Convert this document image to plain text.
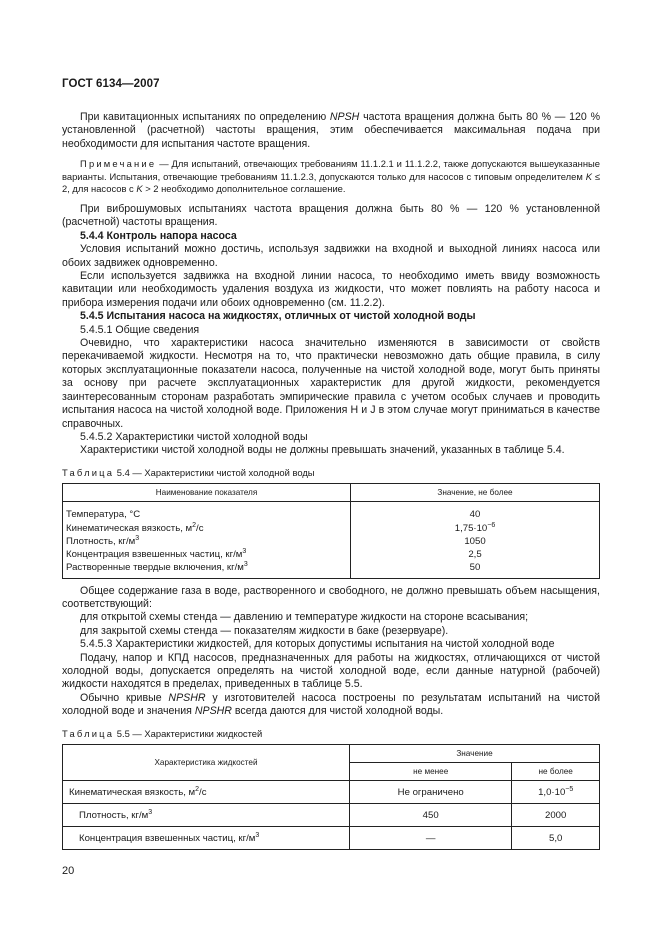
ГОСТ 6134—2007

При кавитационных испытаниях по определению NPSH частота вращения должна быть 80 % — 120 % установленной (расчетной) частоты вращения, этим обеспечивается максимальная подача при необходимости для испытания частоте вращения.

Примечание — Для испытаний, отвечающих требованиям 11.1.2.1 и 11.1.2.2, также допускаются вышеуказанные варианты. Испытания, отвечающие требованиям 11.1.2.3, допускаются только для насосов с типовым определителем K ≤ 2, для насосов с K > 2 необходимо дополнительное соглашение.

При виброшумовых испытаниях частота вращения должна быть 80 % — 120 % установленной (расчетной) частоты вращения.

5.4.4 Контроль напора насоса

Условия испытаний можно достичь, используя задвижки на входной и выходной линиях насоса или обоих задвижек одновременно.

Если используется задвижка на входной линии насоса, то необходимо иметь ввиду возможность кавитации или необходимость удаления воздуха из жидкости, что может повлиять на работу насоса и прибора измерения подачи или обоих одновременно (см. 11.2.2).

5.4.5 Испытания насоса на жидкостях, отличных от чистой холодной воды

5.4.5.1 Общие сведения

Очевидно, что характеристики насоса значительно изменяются в зависимости от свойств перекачиваемой жидкости. Несмотря на то, что практически невозможно дать общие правила, в силу которых эксплуатационные показатели насоса, полученные на чистой холодной воде, могут быть приняты за основу при расчете эксплуатационных характеристик для другой жидкости, рекомендуется заинтересованным сторонам разработать эмпирические правила с учетом особых случаев и проводить испытания насоса на чистой холодной воде. Приложения Н и J в этом случае могут приниматься в качестве справочных.

5.4.5.2 Характеристики чистой холодной воды

Характеристики чистой холодной воды не должны превышать значений, указанных в таблице 5.4.

Таблица 5.4 — Характеристики чистой холодной воды

Наименование показателя	Значение, не более
Температура, °С	40
Кинематическая вязкость, $м^2/с$	$1,75\cdot 10^{-6}$
Плотность, $кг/м^3$	1050
Концентрация взвешенных частиц, $кг/м^3$	2,5
Растворенные твердые включения, $кг/м^3$	50

Общее содержание газа в воде, растворенного и свободного, не должно превышать объем насыщения, соответствующий:

для открытой схемы стенда — давлению и температуре жидкости на стороне всасывания;

для закрытой схемы стенда — показателям жидкости в баке (резервуаре).

5.4.5.3 Характеристики жидкостей, для которых допустимы испытания на чистой холодной воде

Подачу, напор и КПД насосов, предназначенных для работы на жидкостях, отличающихся от чистой холодной воды, допускается определять на чистой холодной воде, если данные натурной (рабочей) жидкости находятся в пределах, приведенных в таблице 5.5.

Обычно кривые NPSHR у изготовителей насоса построены по результатам испытаний на чистой холодной воде и значения NPSHR всегда даются для чистой холодной воды.

Таблица 5.5 — Характеристики жидкостей

Характеристика жидкостей	Значение	
	не менее	не более
Кинематическая вязкость, $м^2/с$	Не ограничено	$1,0\cdot 10^{-5}$
Плотность, $кг/м^3$	450	2000
Концентрация взвешенных частиц, $кг/м^3$	—	5,0
20
